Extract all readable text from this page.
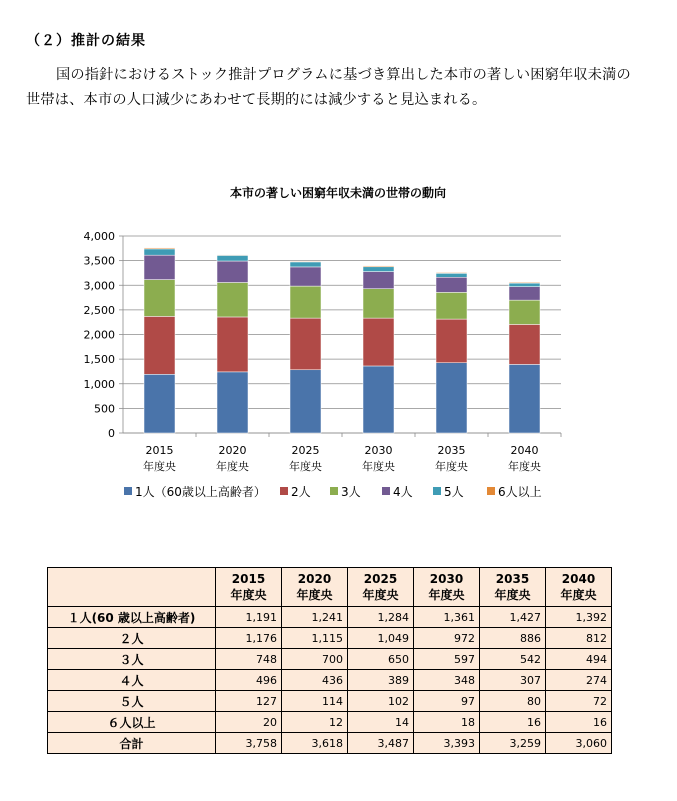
（２）推計の結果
国の指針におけるストック推計プログラムに基づき算出した本市の著しい困窮年収未満の
世帯は、本市の人口減少にあわせて長期的には減少すると見込まれる。
本市の著しい困窮年収未満の世帯の動向
0
500
1,000
1,500
2,000
2,500
3,000
3,500
4,000
2015
年度央
2020
年度央
2025
年度央
2030
年度央
2035
年度央
2040
年度央
1人（60歳以上高齢者） 2人	3人	4人	5人	6人以上
	2015
年度央	2020
年度央	2025
年度央	2030
年度央	2035
年度央	2040
年度央
１人(60 歳以上高齢者)	1,191	1,241	1,284	1,361	1,427	1,392
２人	1,176	1,115	1,049	972	886	812
３人	748	700	650	597	542	494
４人	496	436	389	348	307	274
５人	127	114	102	97	80	72
６人以上	20	12	14	18	16	16
合計	3,758	3,618	3,487	3,393	3,259	3,060
